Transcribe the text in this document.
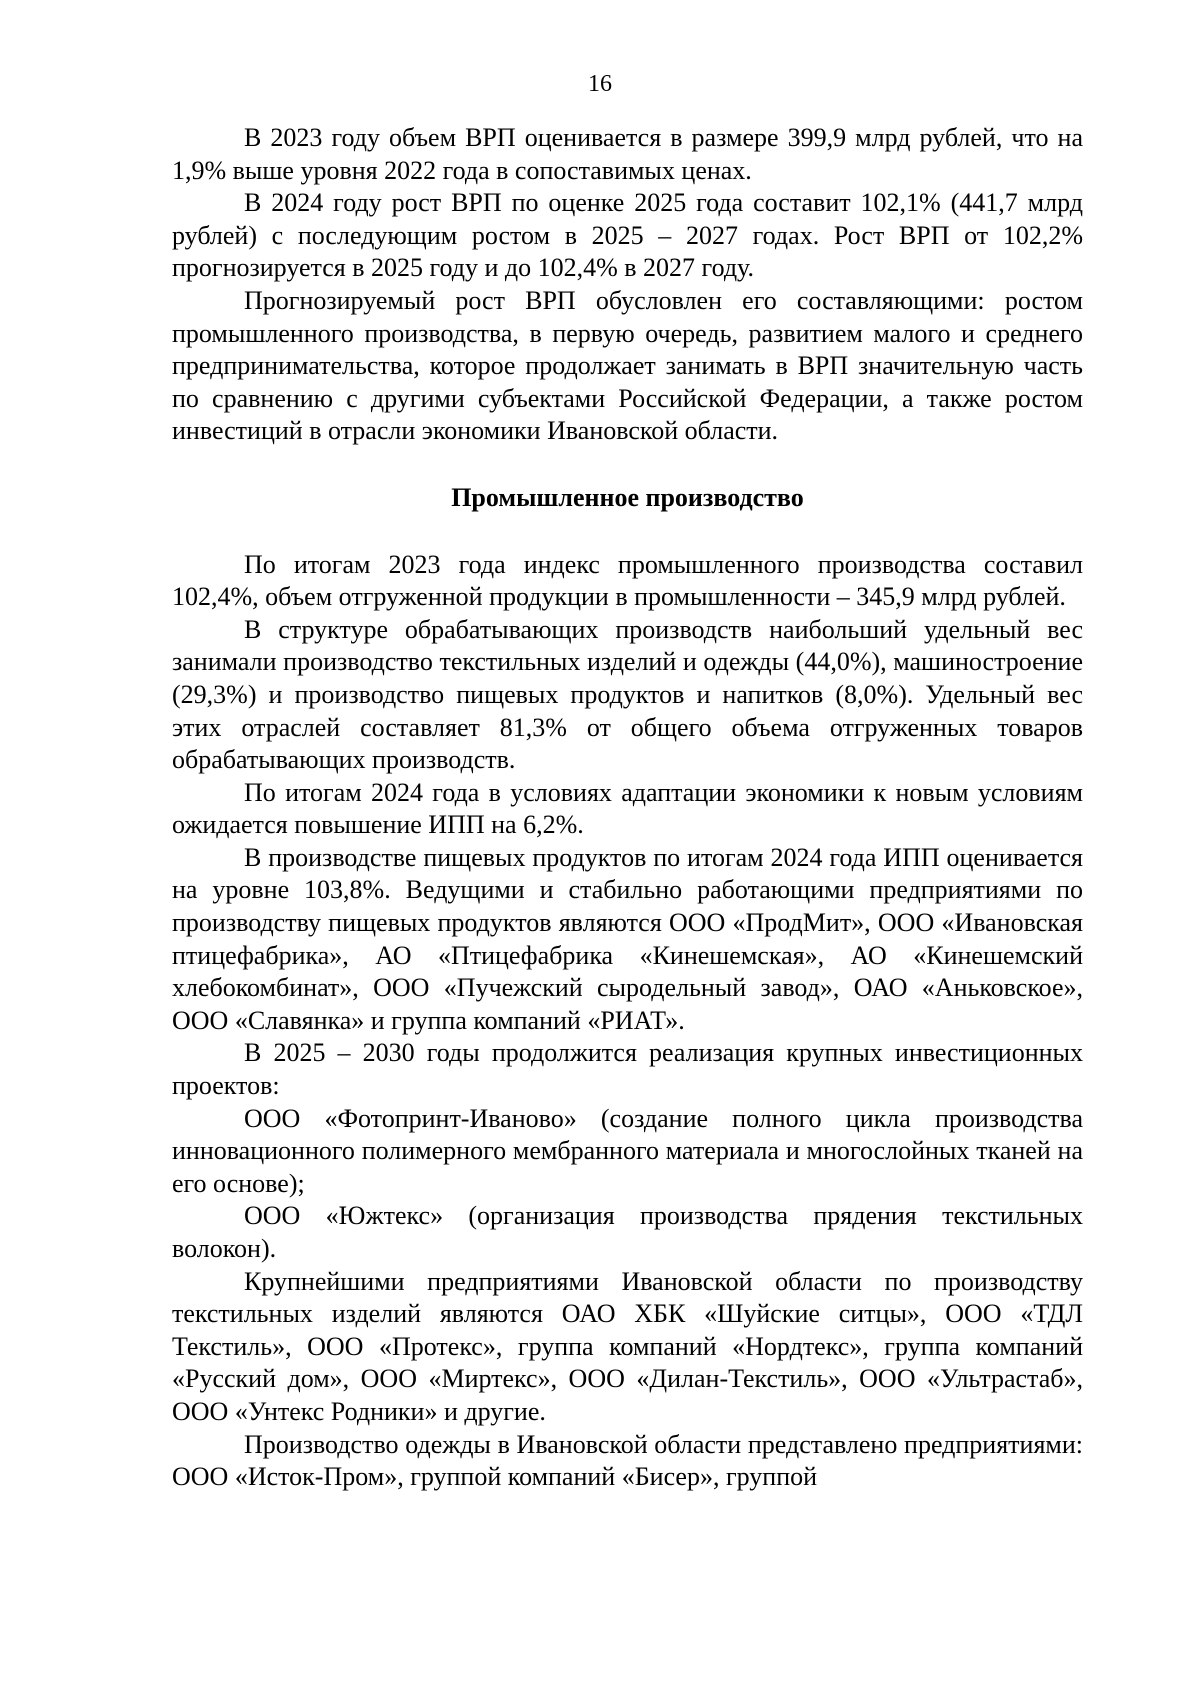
16

В 2023 году объем ВРП оценивается в размере 399,9 млрд рублей, что на 1,9% выше уровня 2022 года в сопоставимых ценах.

В 2024 году рост ВРП по оценке 2025 года составит 102,1% (441,7 млрд рублей) с последующим ростом в 2025 – 2027 годах. Рост ВРП от 102,2% прогнозируется в 2025 году и до 102,4% в 2027 году.

Прогнозируемый рост ВРП обусловлен его составляющими: ростом промышленного производства, в первую очередь, развитием малого и среднего предпринимательства, которое продолжает занимать в ВРП значительную часть по сравнению с другими субъектами Российской Федерации, а также ростом инвестиций в отрасли экономики Ивановской области.

Промышленное производство

По итогам 2023 года индекс промышленного производства составил 102,4%, объем отгруженной продукции в промышленности – 345,9 млрд рублей.

В структуре обрабатывающих производств наибольший удельный вес занимали производство текстильных изделий и одежды (44,0%), машиностроение (29,3%) и производство пищевых продуктов и напитков (8,0%). Удельный вес этих отраслей составляет 81,3% от общего объема отгруженных товаров обрабатывающих производств.

По итогам 2024 года в условиях адаптации экономики к новым условиям ожидается повышение ИПП на 6,2%.

В производстве пищевых продуктов по итогам 2024 года ИПП оценивается на уровне 103,8%. Ведущими и стабильно работающими предприятиями по производству пищевых продуктов являются ООО «ПродМит», ООО «Ивановская птицефабрика», АО «Птицефабрика «Кинешемская», АО «Кинешемский хлебокомбинат», ООО «Пучежский сыродельный завод», ОАО «Аньковское», ООО «Славянка» и группа компаний «РИАТ».

В 2025 – 2030 годы продолжится реализация крупных инвестиционных проектов:

ООО «Фотопринт-Иваново» (создание полного цикла производства инновационного полимерного мембранного материала и многослойных тканей на его основе);

ООО «Южтекс» (организация производства прядения текстильных волокон).

Крупнейшими предприятиями Ивановской области по производству текстильных изделий являются ОАО ХБК «Шуйские ситцы», ООО «ТДЛ Текстиль», ООО «Протекс», группа компаний «Нордтекс», группа компаний «Русский дом», ООО «Миртекс», ООО «Дилан-Текстиль», ООО «Ультрастаб», ООО «Унтекс Родники» и другие.

Производство одежды в Ивановской области представлено предприятиями: ООО «Исток-Пром», группой компаний «Бисер», группой
